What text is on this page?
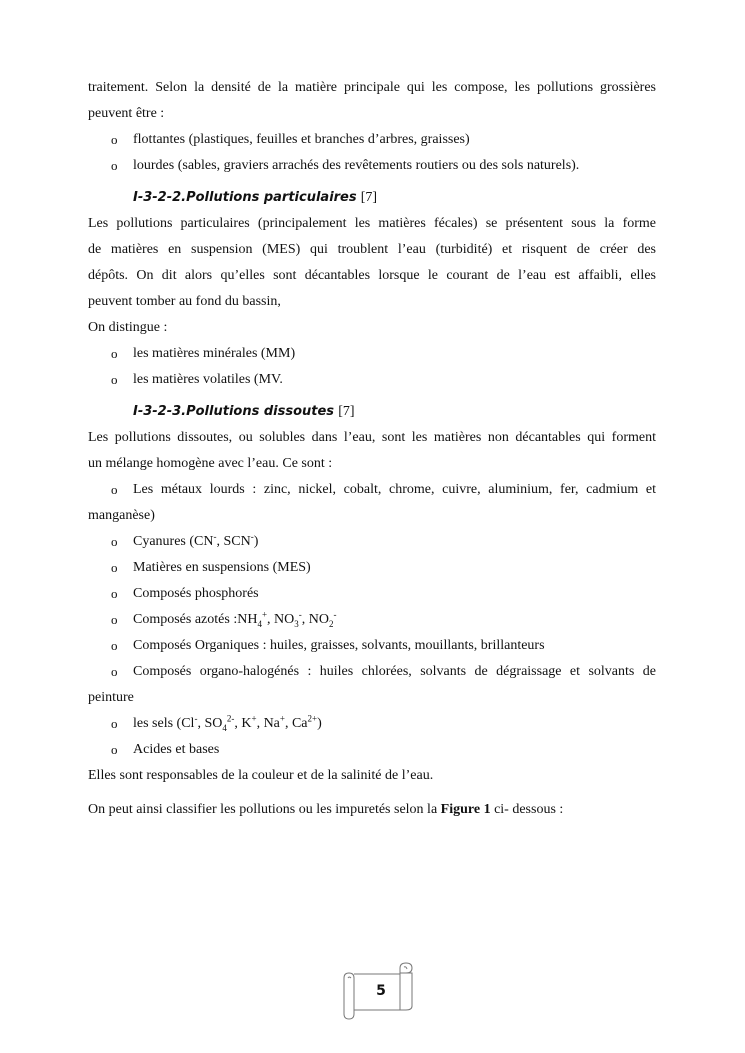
traitement. Selon la densité de la matière principale qui les compose, les pollutions grossières

peuvent être :

o flottantes (plastiques, feuilles et branches d’arbres, graisses)
o lourdes (sables, graviers arrachés des revêtements routiers ou des sols naturels).
I-3-2-2.Pollutions particulaires [7]

Les pollutions particulaires (principalement les matières fécales) se présentent sous la forme

de matières en suspension (MES) qui troublent l’eau (turbidité) et risquent de créer des

dépôts. On dit alors qu’elles sont décantables lorsque le courant de l’eau est affaibli, elles

peuvent tomber au fond du bassin,

On distingue :

o les matières minérales (MM)
o les matières volatiles (MV.
I-3-2-3.Pollutions dissoutes [7]

Les pollutions dissoutes, ou solubles dans l’eau, sont les matières non décantables qui forment

un mélange homogène avec l’eau. Ce sont :

o Les métaux lourds : zinc, nickel, cobalt, chrome, cuivre, aluminium, fer, cadmium et manganèse)
o Cyanures (CN-, SCN-)
o Matières en suspensions (MES)
o Composés phosphorés
o Composés azotés $:NH_4^+$, $NO_3^-$, $NO_2^-$
o Composés Organiques : huiles, graisses, solvants, mouillants, brillanteurs
o Composés organo-halogénés : huiles chlorées, solvants de dégraissage et solvants de peinture
o les sels (Cl-, $SO_4^{2-}$, K+, Na+, $Ca^{2+}$)
o Acides et bases

Elles sont responsables de la couleur et de la salinité de l’eau.

On peut ainsi classifier les pollutions ou les impuretés selon la Figure 1 ci- dessous :

5
